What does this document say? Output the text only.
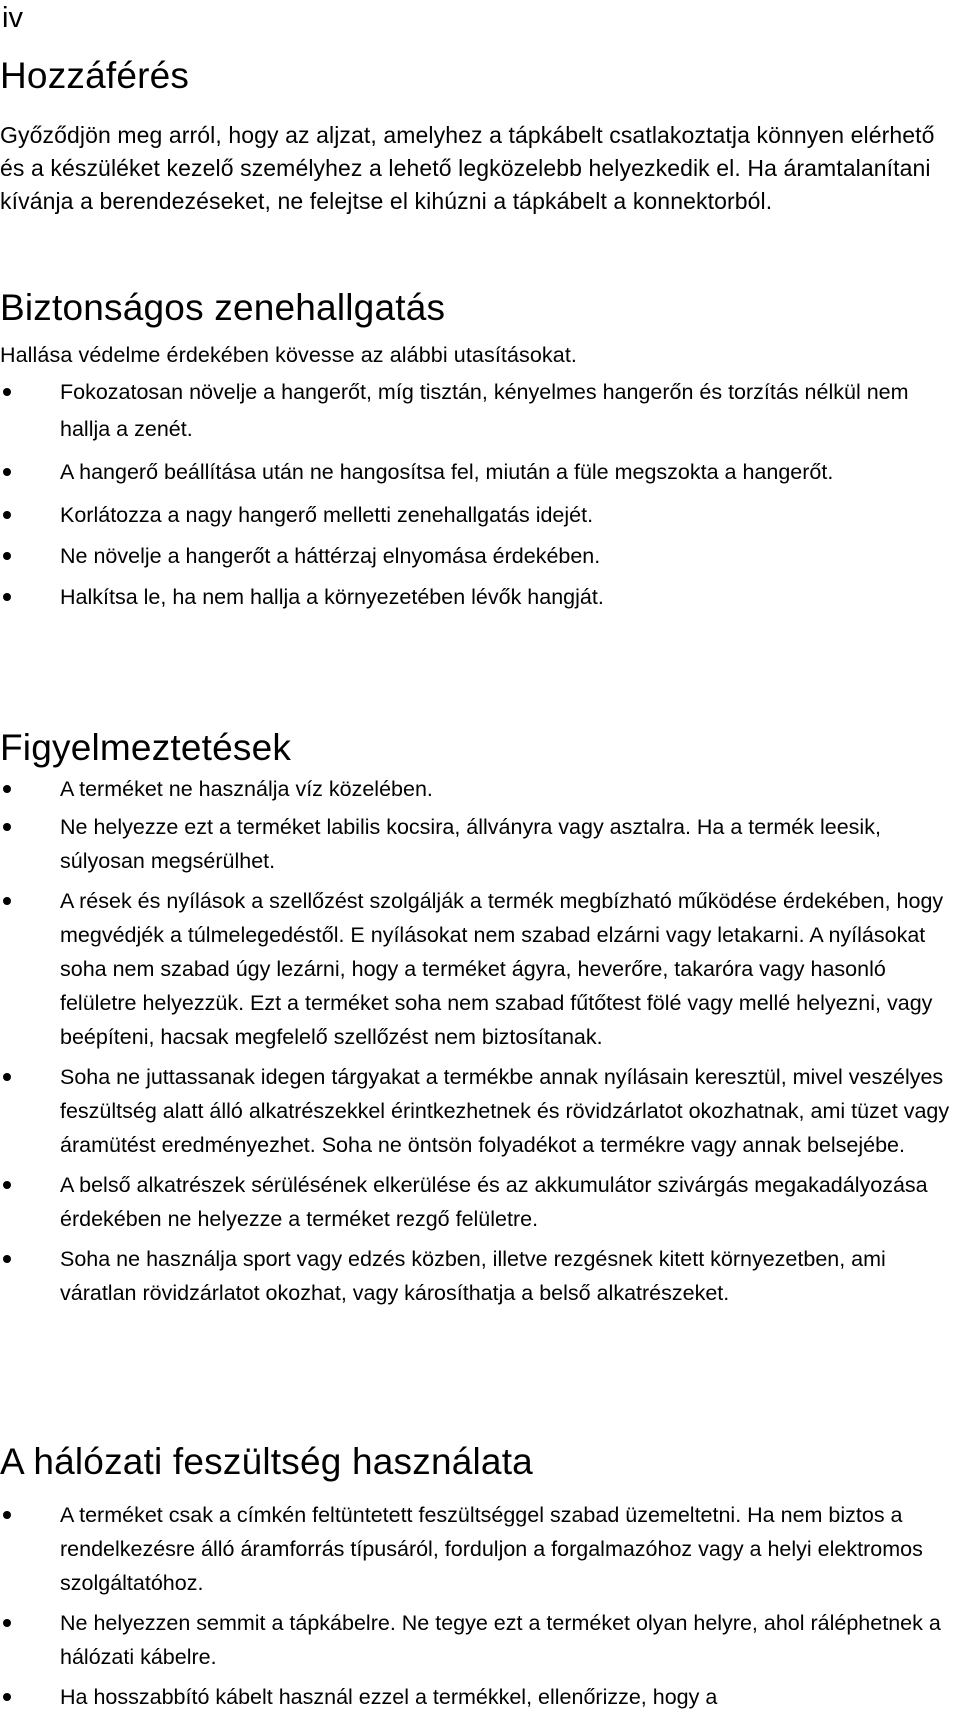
iv

Hozzáférés

Győződjön meg arról, hogy az aljzat, amelyhez a tápkábelt csatlakoztatja könnyen elérhető és a készüléket kezelő személyhez a lehető legközelebb helyezkedik el. Ha áramtalanítani kívánja a berendezéseket, ne felejtse el kihúzni a tápkábelt a konnektorból.

Biztonságos zenehallgatás

Hallása védelme érdekében kövesse az alábbi utasításokat.

Fokozatosan növelje a hangerőt, míg tisztán, kényelmes hangerőn és torzítás nélkül nem hallja a zenét.
A hangerő beállítása után ne hangosítsa fel, miután a füle megszokta a hangerőt.
Korlátozza a nagy hangerő melletti zenehallgatás idejét.
Ne növelje a hangerőt a háttérzaj elnyomása érdekében.
Halkítsa le, ha nem hallja a környezetében lévők hangját.
Figyelmeztetések
A terméket ne használja víz közelében.
Ne helyezze ezt a terméket labilis kocsira, állványra vagy asztalra. Ha a termék leesik, súlyosan megsérülhet.
A rések és nyílások a szellőzést szolgálják a termék megbízható működése érdekében, hogy megvédjék a túlmelegedéstől. E nyílásokat nem szabad elzárni vagy letakarni. A nyílásokat soha nem szabad úgy lezárni, hogy a terméket ágyra, heverőre, takaróra vagy hasonló felületre helyezzük. Ezt a terméket soha nem szabad fűtőtest fölé vagy mellé helyezni, vagy beépíteni, hacsak megfelelő szellőzést nem biztosítanak.
Soha ne juttassanak idegen tárgyakat a termékbe annak nyílásain keresztül, mivel veszélyes feszültség alatt álló alkatrészekkel érintkezhetnek és rövidzárlatot okozhatnak, ami tüzet vagy áramütést eredményezhet. Soha ne öntsön folyadékot a termékre vagy annak belsejébe.
A belső alkatrészek sérülésének elkerülése és az akkumulátor szivárgás megakadályozása érdekében ne helyezze a terméket rezgő felületre.
Soha ne használja sport vagy edzés közben, illetve rezgésnek kitett környezetben, ami váratlan rövidzárlatot okozhat, vagy károsíthatja a belső alkatrészeket.
A hálózati feszültség használata
A terméket csak a címkén feltüntetett feszültséggel szabad üzemeltetni. Ha nem biztos a rendelkezésre álló áramforrás típusáról, forduljon a forgalmazóhoz vagy a helyi elektromos szolgáltatóhoz.
Ne helyezzen semmit a tápkábelre. Ne tegye ezt a terméket olyan helyre, ahol ráléphetnek a hálózati kábelre.
Ha hosszabbító kábelt használ ezzel a termékkel, ellenőrizze, hogy a
